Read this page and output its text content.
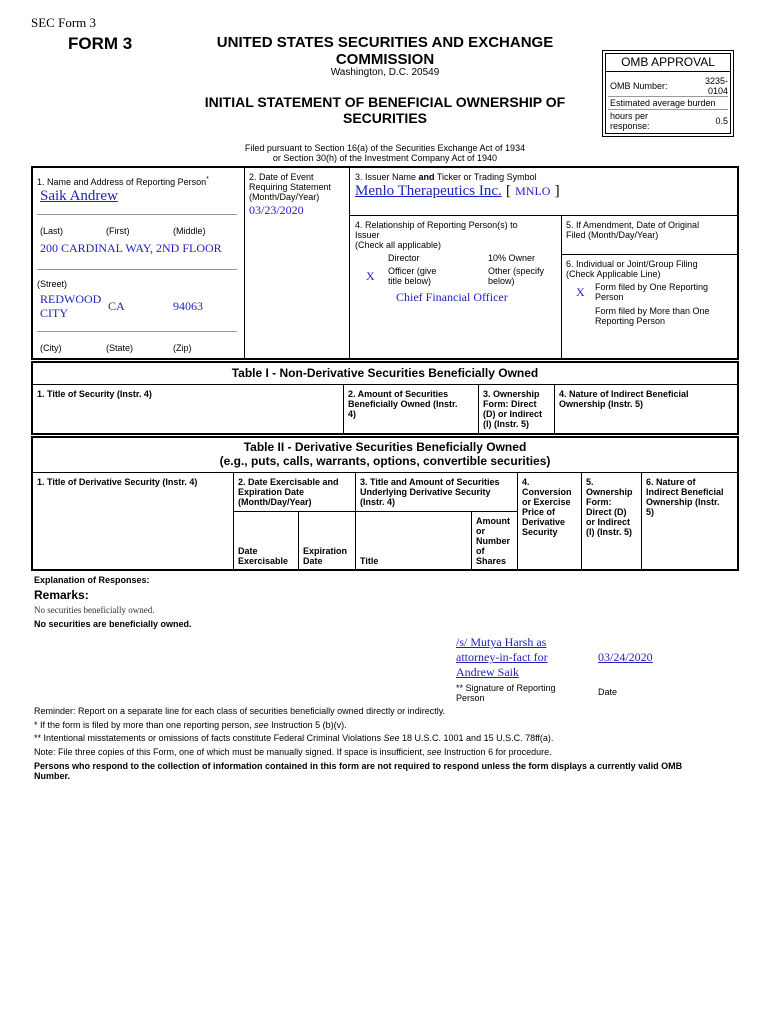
SEC Form 3
FORM 3	UNITED STATES SECURITIES AND EXCHANGE
COMMISSION
Washington, D.C. 20549
INITIAL STATEMENT OF BENEFICIAL OWNERSHIP OF
SECURITIES
Filed pursuant to Section 16(a) of the Securities Exchange Act of 1934
or Section 30(h) of the Investment Company Act of 1940
OMB APPROVAL
OMB Number:	3235-
0104
Estimated average burden
hours per
response:	0.5
1. Name and Address of Reporting Person*
Saik Andrew
(Last)	(First)	(Middle)
200 CARDINAL WAY, 2ND FLOOR
(Street)
REDWOOD
CITY	CA	94063
(City)	(State)	(Zip)
2. Date of Event
Requiring Statement
(Month/Day/Year)
03/23/2020
3. Issuer Name and Ticker or Trading Symbol
Menlo Therapeutics Inc. [ MNLO ]
4. Relationship of Reporting Person(s) to
Issuer
(Check all applicable)
Director	10% Owner
X Officer (give
title below)
Other (specify
below)
Chief Financial Officer
5. If Amendment, Date of Original
Filed (Month/Day/Year)
6. Individual or Joint/Group Filing
(Check Applicable Line)
X Form filed by One Reporting
Person
Form filed by More than One
Reporting Person
Table I - Non-Derivative Securities Beneficially Owned
1. Title of Security (Instr. 4)	2. Amount of Securities
Beneficially Owned (Instr.
4)
3. Ownership
Form: Direct
(D) or Indirect
(I) (Instr. 5)
4. Nature of Indirect Beneficial
Ownership (Instr. 5)
Table II - Derivative Securities Beneficially Owned
(e.g., puts, calls, warrants, options, convertible securities)
1. Title of Derivative Security (Instr. 4)	2. Date Exercisable and
Expiration Date
(Month/Day/Year)
3. Title and Amount of Securities
Underlying Derivative Security
(Instr. 4)
4.
Conversion
or Exercise
Price of
Derivative
Security
5.
Ownership
Form:
Direct (D)
or Indirect
(I) (Instr. 5)
6. Nature of
Indirect Beneficial
Ownership (Instr.
5)
Date
Exercisable
Expiration
Date	Title
Amount
or
Number
of
Shares
Explanation of Responses:
Remarks:
No securities beneficially owned.
No securities are beneficially owned.
/s/ Mutya Harsh as
attorney-in-fact for
Andrew Saik
03/24/2020
** Signature of Reporting
Person
Date
Reminder: Report on a separate line for each class of securities beneficially owned directly or indirectly.
* If the form is filed by more than one reporting person, see Instruction 5 (b)(v).
** Intentional misstatements or omissions of facts constitute Federal Criminal Violations See 18 U.S.C. 1001 and 15 U.S.C. 78ff(a).
Note: File three copies of this Form, one of which must be manually signed. If space is insufficient, see Instruction 6 for procedure.
Persons who respond to the collection of information contained in this form are not required to respond unless the form displays a currently valid OMB
Number.
